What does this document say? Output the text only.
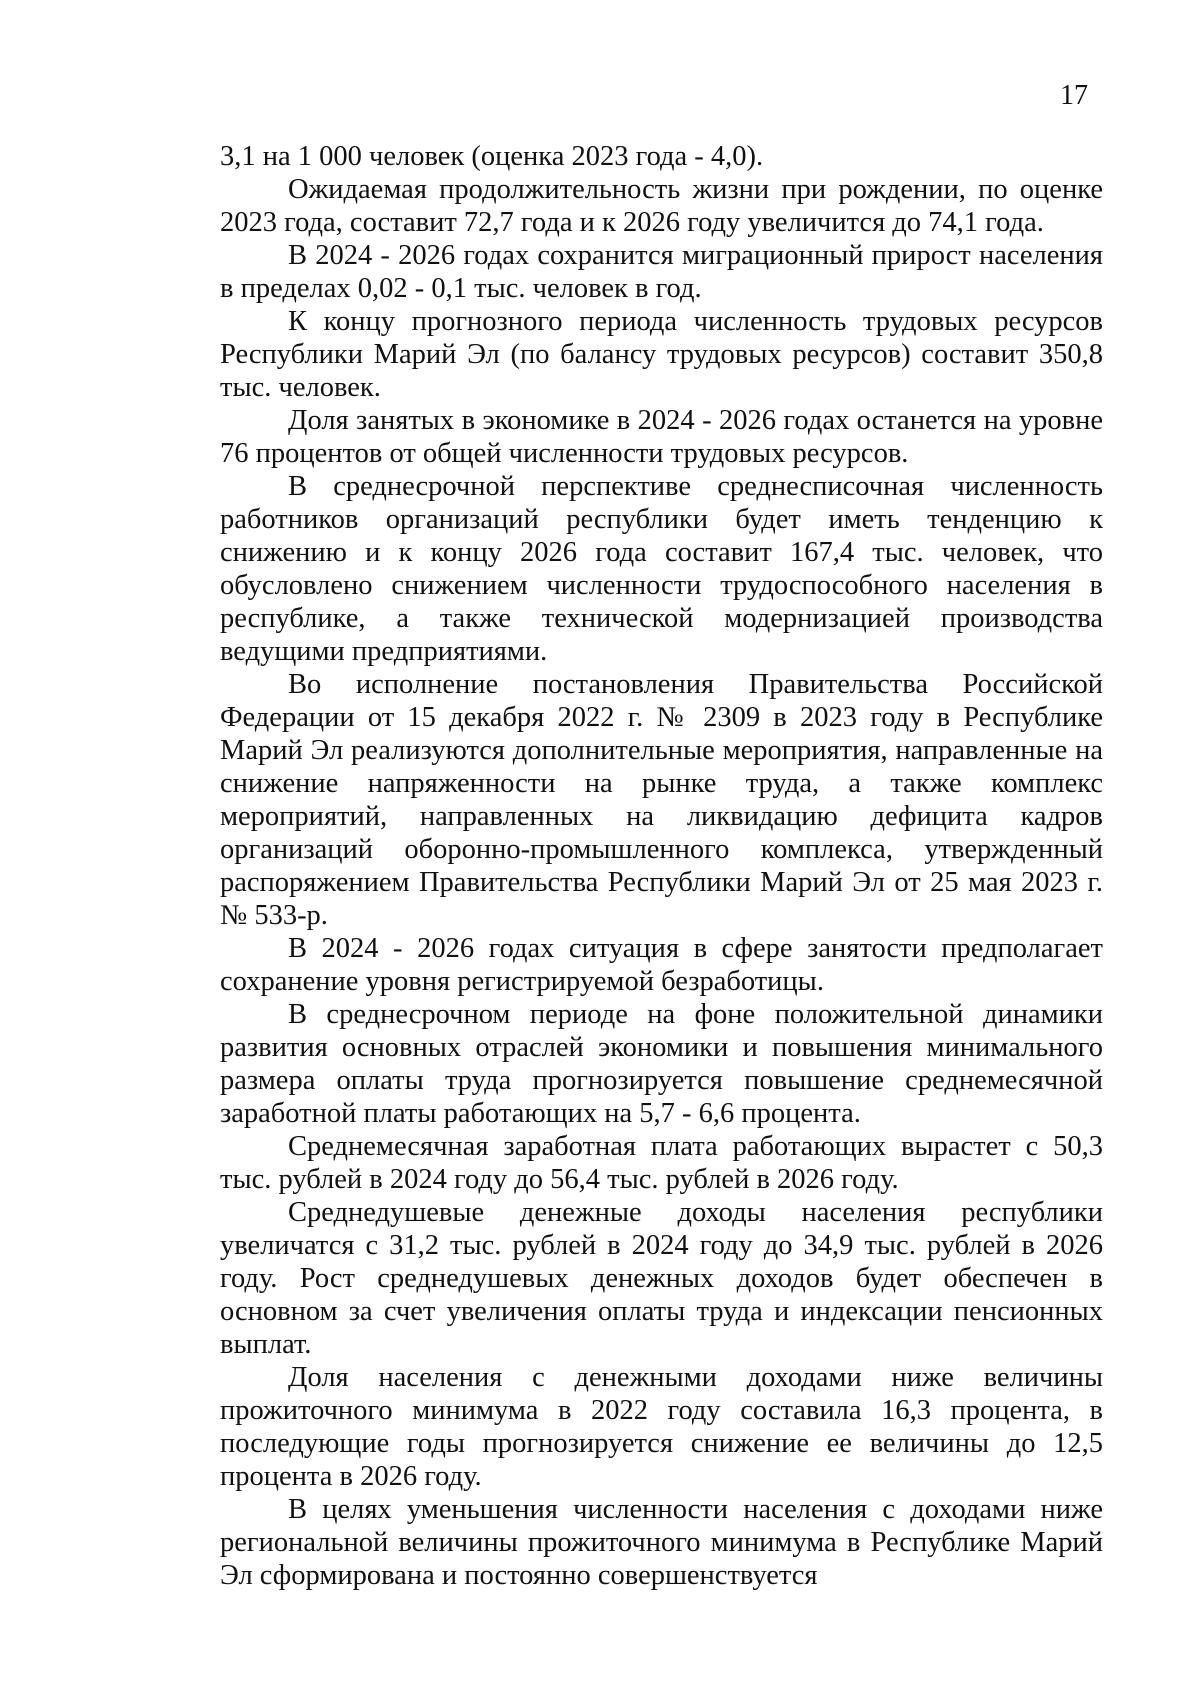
17

3,1 на 1 000 человек (оценка 2023 года - 4,0).

Ожидаемая продолжительность жизни при рождении, по оценке 2023 года, составит 72,7 года и к 2026 году увеличится до 74,1 года.

В 2024 - 2026 годах сохранится миграционный прирост населения в пределах 0,02 - 0,1 тыс. человек в год.

К концу прогнозного периода численность трудовых ресурсов Республики Марий Эл (по балансу трудовых ресурсов) составит 350,8 тыс. человек.

Доля занятых в экономике в 2024 - 2026 годах останется на уровне 76 процентов от общей численности трудовых ресурсов.

В среднесрочной перспективе среднесписочная численность работников организаций республики будет иметь тенденцию к снижению и к концу 2026 года составит 167,4 тыс. человек, что обусловлено снижением численности трудоспособного населения в республике, а также технической модернизацией производства ведущими предприятиями.

Во исполнение постановления Правительства Российской Федерации от 15 декабря 2022 г. № 2309 в 2023 году в Республике Марий Эл реализуются дополнительные мероприятия, направленные на снижение напряженности на рынке труда, а также комплекс мероприятий, направленных на ликвидацию дефицита кадров организаций оборонно-промышленного комплекса, утвержденный распоряжением Правительства Республики Марий Эл от 25 мая 2023 г. № 533-р.

В 2024 - 2026 годах ситуация в сфере занятости предполагает сохранение уровня регистрируемой безработицы.

В среднесрочном периоде на фоне положительной динамики развития основных отраслей экономики и повышения минимального размера оплаты труда прогнозируется повышение среднемесячной заработной платы работающих на 5,7 - 6,6 процента.

Среднемесячная заработная плата работающих вырастет с 50,3 тыс. рублей в 2024 году до 56,4 тыс. рублей в 2026 году.

Среднедушевые денежные доходы населения республики увеличатся с 31,2 тыс. рублей в 2024 году до 34,9 тыс. рублей в 2026 году. Рост среднедушевых денежных доходов будет обеспечен в основном за счет увеличения оплаты труда и индексации пенсионных выплат.

Доля населения с денежными доходами ниже величины прожиточного минимума в 2022 году составила 16,3 процента, в последующие годы прогнозируется снижение ее величины до 12,5 процента в 2026 году.

В целях уменьшения численности населения с доходами ниже региональной величины прожиточного минимума в Республике Марий Эл сформирована и постоянно совершенствуется
